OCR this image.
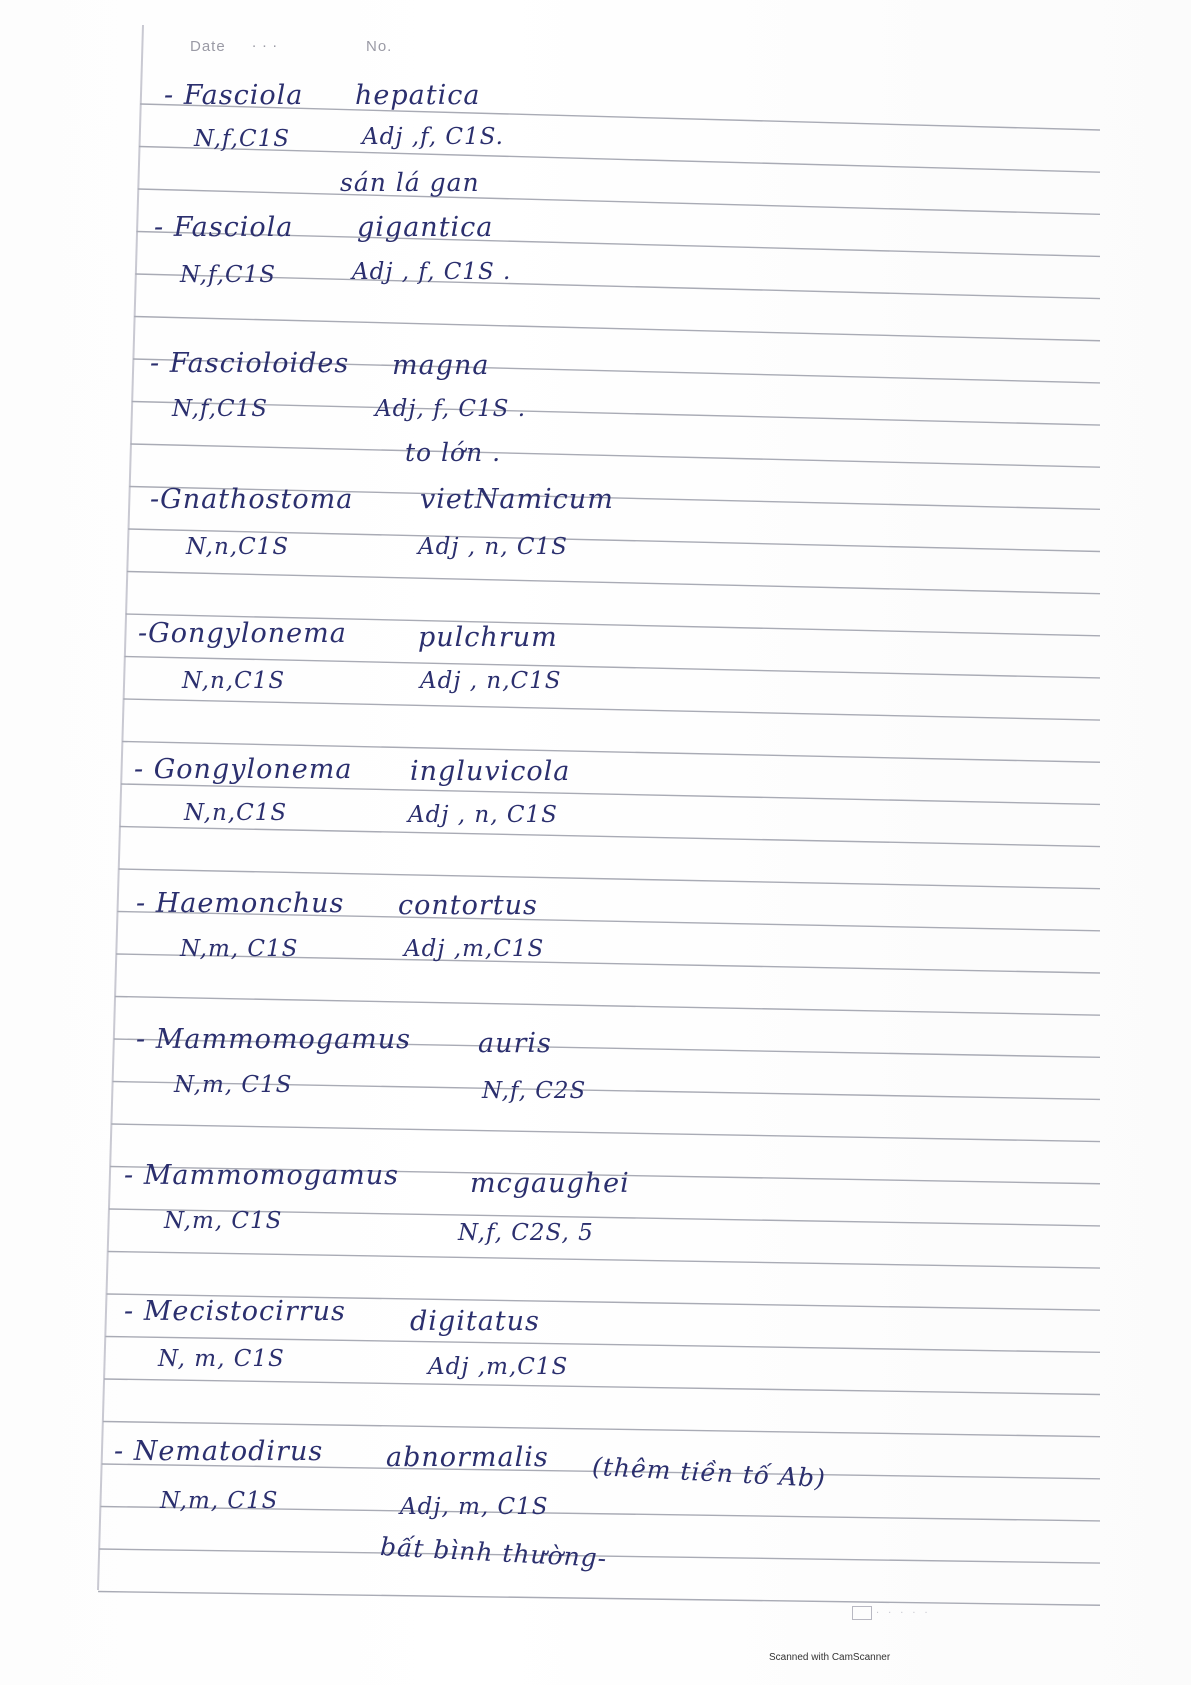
Date . . .	No.
- Fasciola hepatica
N,f,C1S	Adj ,f, C1S.
sán lá gan
- Fasciola gigantica
N,f,C1S	Adj , f, C1S .
- Fascioloides magna
N,f,C1S	Adj, f, C1S .
to lớn .
-Gnathostoma vietNamicum
N,n,C1S	Adj , n, C1S
-Gongylonema	pulchrum
N,n,C1S	Adj , n,C1S
- Gongylonema ingluvicola
N,n,C1S	Adj , n, C1S
- Haemonchus contortus
N,m, C1S	Adj ,m,C1S
- Mammomogamus auris
N,m, C1S	N,f, C2S
- Mammomogamus	mcgaughei
N,m, C1S	N,f, C2S, 5
- Mecistocirrus digitatus
N, m, C1S	Adj ,m,C1S
- Nematodirus abnormalis (thêm tiền tố Ab)
N,m, C1S	Adj, m, C1S
bất bình thường-
. . . . .
Scanned with CamScanner
